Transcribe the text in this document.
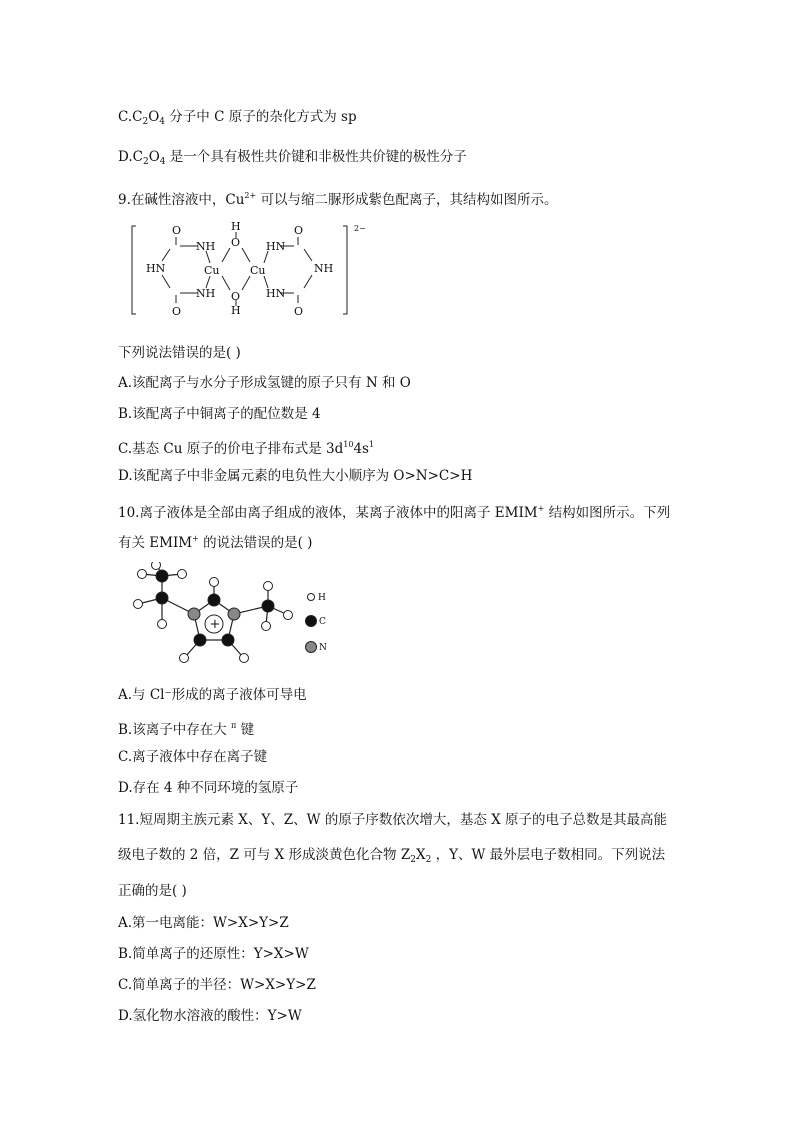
$C.C_2O_4$ 分子中 C 原子的杂化方式为 sp
$D.C_2O_4$ 是一个具有极性共价键和非极性共价键的极性分子
9.在碱性溶液中，$Cu^{2+}$ 可以与缩二脲形成紫色配离子，其结构如图所示。
2−
O
NH
HN
NH
O
Cu
H
O
O
H
Cu
HN
HN
O
NH
O
下列说法错误的是( )
A.该配离子与水分子形成氢键的原子只有 N 和 O
B.该配离子中铜离子的配位数是 4
C.基态 Cu 原子的价电子排布式是 $3d^{10}4s^1$
D.该配离子中非金属元素的电负性大小顺序为 O>N>C>H
10.离子液体是全部由离子组成的液体，某离子液体中的阳离子 EMIM+ 结构如图所示。下列
有关 EMIM+ 的说法错误的是( )
+
H
C
N
A.与 Cl⁻形成的离子液体可导电
B.该离子中存在大 $^\pi$ 键
C.离子液体中存在离子键
D.存在 4 种不同环境的氢原子
11.短周期主族元素 X、Y、Z、W 的原子序数依次增大，基态 X 原子的电子总数是其最高能
级电子数的 2 倍，Z 可与 X 形成淡黄色化合物 $Z_2X_2$ ，Y、W 最外层电子数相同。下列说法
正确的是( )
A.第一电离能：W>X>Y>Z
B.简单离子的还原性：Y>X>W
C.简单离子的半径：W>X>Y>Z
D.氢化物水溶液的酸性：Y>W
